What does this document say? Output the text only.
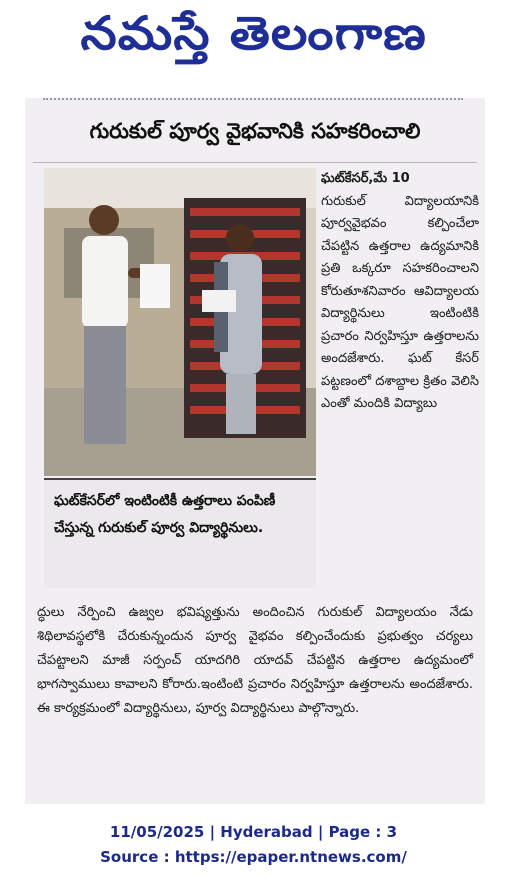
నమస్తే తెలంగాణ
గురుకుల్‌ పూర్వ వైభవానికి సహకరించాలి
ఘట్‌కేసర్‌లో ఇంటింటికీ ఉత్తరాలు పంపిణీ చేస్తున్న గురుకుల్‌ పూర్వ విద్యార్థినులు.
ఘట్‌కేసర్‌,మే 10
గురుకుల్‌ విద్యాలయానికి పూర్వవైభవం కల్పించేలా చేపట్టిన ఉత్తరాల ఉద్యమానికి ప్రతి ఒక్కరూ సహకరించాలని కోరుతూశనివారం ఆవిద్యాలయ విద్యార్థినులు ఇంటింటికి ప్రచారం నిర్వహిస్తూ ఉత్తరాలను అందజేశారు. ఘట్ కేసర్‌ పట్టణంలో దశాబ్దాల క్రితం వెలిసి ఎంతో మందికి విద్యాబు
ద్ధులు నేర్పించి ఉజ్వల భవిష్యత్తును అందించిన గురుకుల్‌ విద్యాలయం నేడు శిథిలావస్థలోకి చేరుకున్నందున పూర్వ వైభవం కల్పించేందుకు ప్రభుత్వం చర్యలు చేపట్టాలని మాజీ సర్పంచ్‌ యాదగిరి యాదవ్‌ చేపట్టిన ఉత్తరాల ఉద్యమంలో భాగస్వాములు కావాలని కోరారు.ఇంటింటి ప్రచారం నిర్వహిస్తూ ఉత్తరాలను అందజేశారు. ఈ కార్యక్రమంలో విద్యార్థినులు, పూర్వ విద్యార్థినులు పాల్గొన్నారు.
11/05/2025 | Hyderabad | Page : 3
Source : https://epaper.ntnews.com/
